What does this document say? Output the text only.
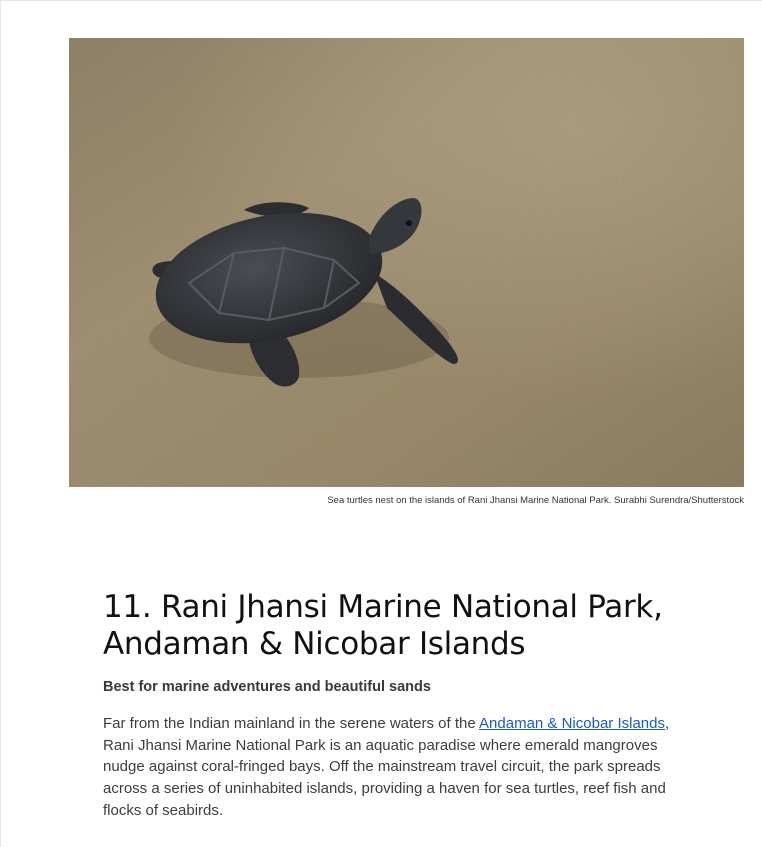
Sea turtles nest on the islands of Rani Jhansi Marine National Park. Surabhi Surendra/Shutterstock
11. Rani Jhansi Marine National Park,
Andaman & Nicobar Islands

Best for marine adventures and beautiful sands

Far from the Indian mainland in the serene waters of the Andaman & Nicobar Islands, Rani Jhansi Marine National Park is an aquatic paradise where emerald mangroves nudge against coral-fringed bays. Off the mainstream travel circuit, the park spreads across a series of uninhabited islands, providing a haven for sea turtles, reef fish and flocks of seabirds.
